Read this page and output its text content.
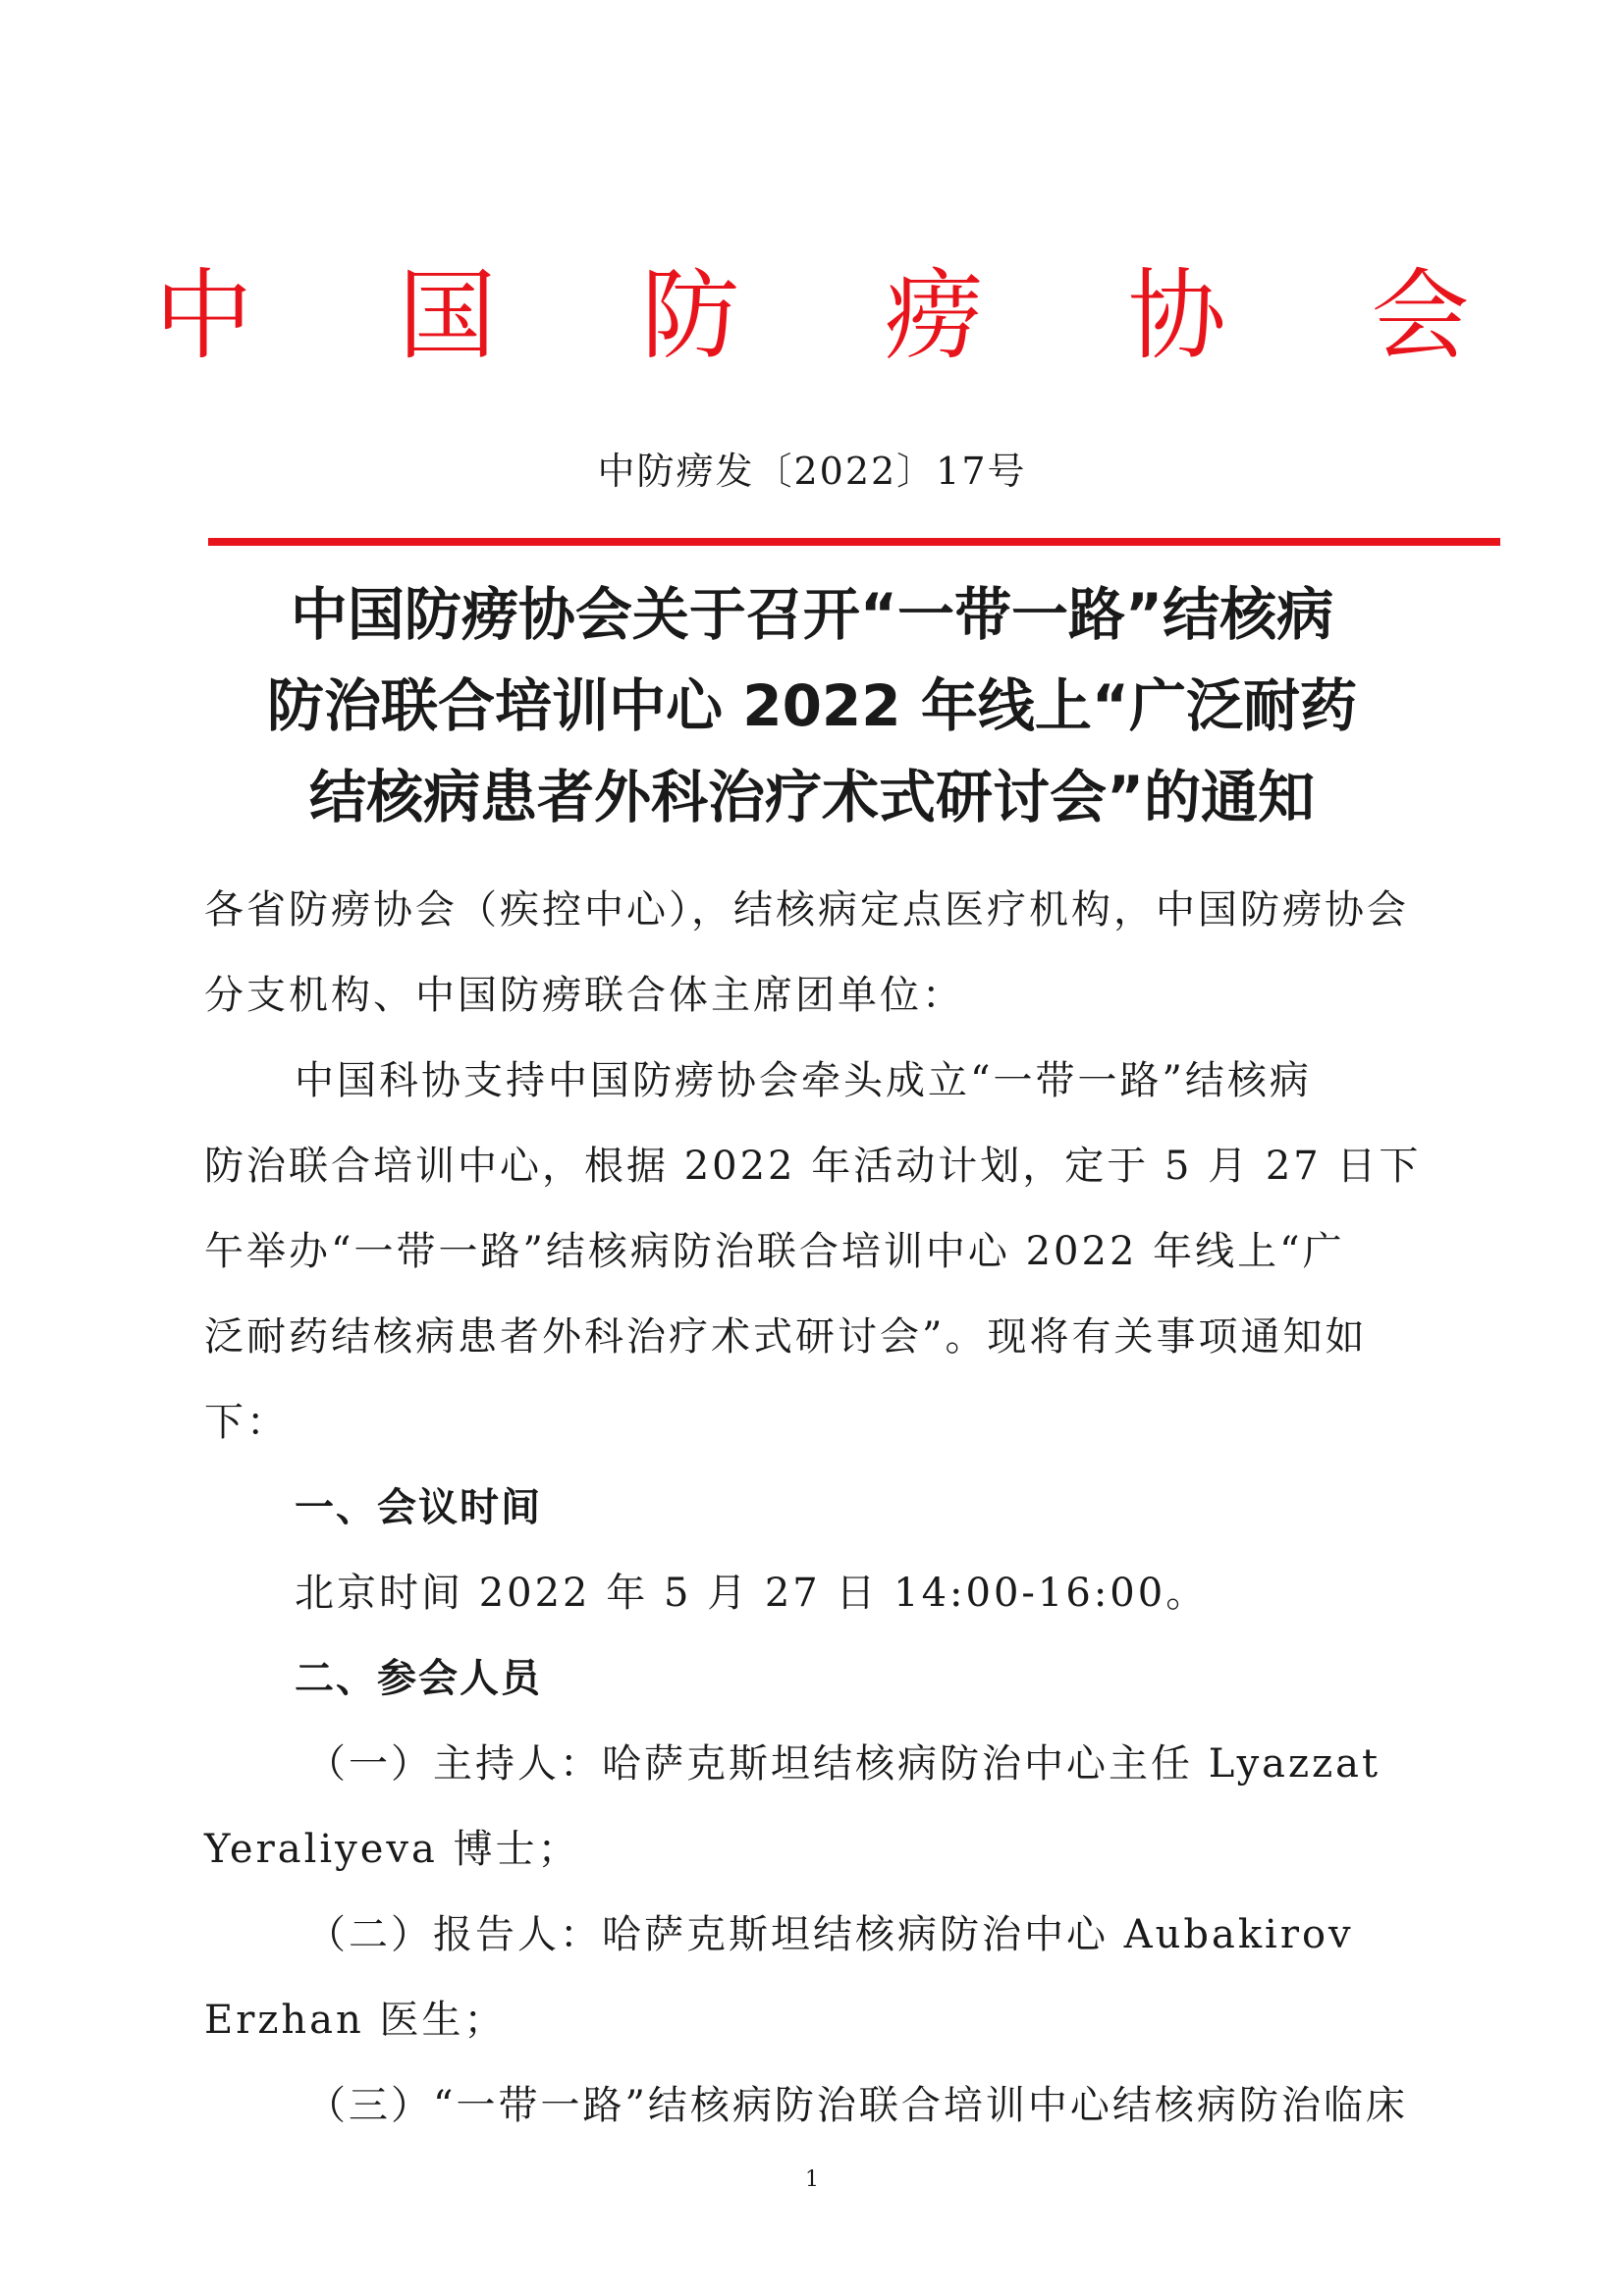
中 国 防 痨 协 会
中防痨发〔2022〕17号
中国防痨协会关于召开“一带一路”结核病
防治联合培训中心 2022 年线上“广泛耐药
结核病患者外科治疗术式研讨会”的通知
各省防痨协会（疾控中心），结核病定点医疗机构，中国防痨协会
分支机构、中国防痨联合体主席团单位：
中国科协支持中国防痨协会牵头成立“一带一路”结核病
防治联合培训中心，根据 2022 年活动计划，定于 5 月 27 日下
午举办“一带一路”结核病防治联合培训中心 2022 年线上“广
泛耐药结核病患者外科治疗术式研讨会”。现将有关事项通知如
下：
一、会议时间
北京时间 2022 年 5 月 27 日 14:00-16:00。
二、参会人员
（一）主持人：哈萨克斯坦结核病防治中心主任 Lyazzat
Yeraliyeva 博士；
（二）报告人：哈萨克斯坦结核病防治中心 Aubakirov
Erzhan 医生；
（三）“一带一路”结核病防治联合培训中心结核病防治临床
1
